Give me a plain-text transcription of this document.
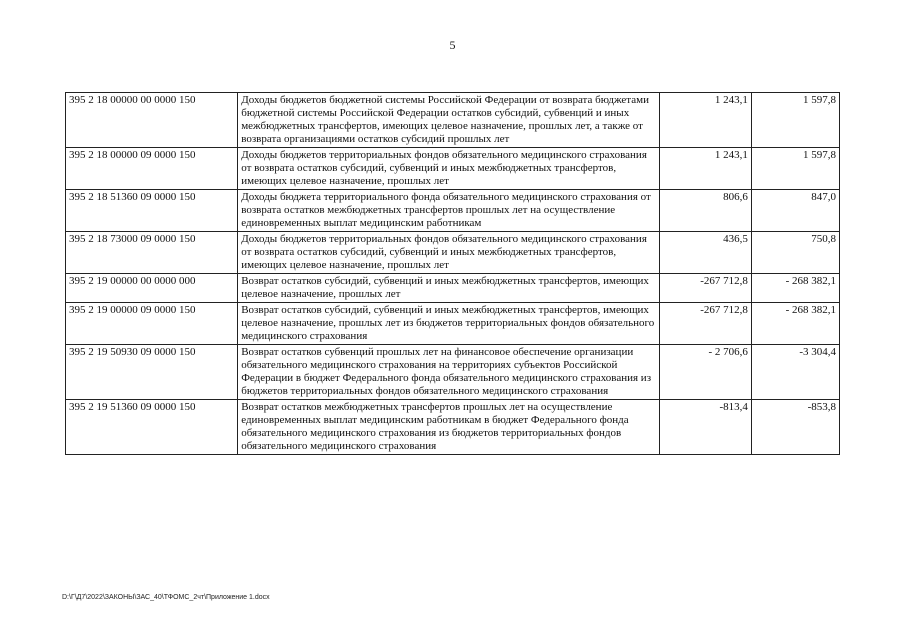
5
395 2 18 00000 00 0000 150	Доходы бюджетов бюджетной системы Российской Федерации от возврата бюджетами бюджетной системы Российской Федерации остатков субсидий, субвенций и иных межбюджетных трансфертов, имеющих целевое назначение, прошлых лет, а также от возврата организациями остатков субсидий прошлых лет	1 243,1	1 597,8
395 2 18 00000 09 0000 150	Доходы бюджетов территориальных фондов обязательного медицинского страхования от возврата остатков субсидий, субвенций и иных межбюджетных трансфертов, имеющих целевое назначение, прошлых лет	1 243,1	1 597,8
395 2 18 51360 09 0000 150	Доходы бюджета территориального фонда обязательного медицинского страхования от возврата остатков межбюджетных трансфертов прошлых лет на осуществление единовременных выплат медицинским работникам	806,6	847,0
395 2 18 73000 09 0000 150	Доходы бюджетов территориальных фондов обязательного медицинского страхования от возврата остатков субсидий, субвенций и иных межбюджетных трансфертов, имеющих целевое назначение, прошлых лет	436,5	750,8
395 2 19 00000 00 0000 000	Возврат остатков субсидий, субвенций и иных межбюджетных трансфертов, имеющих целевое назначение, прошлых лет	-267 712,8	- 268 382,1
395 2 19 00000 09 0000 150	Возврат остатков субсидий, субвенций и иных межбюджетных трансфертов, имеющих целевое назначение, прошлых лет из бюджетов территориальных фондов обязательного медицинского страхования	-267 712,8	- 268 382,1
395 2 19 50930 09 0000 150	Возврат остатков субвенций прошлых лет на финансовое обеспечение организации обязательного медицинского страхования на территориях субъектов Российской Федерации в бюджет Федерального фонда обязательного медицинского страхования из бюджетов территориальных фондов обязательного медицинского страхования	- 2 706,6	-3 304,4
395 2 19 51360 09 0000 150	Возврат остатков межбюджетных трансфертов прошлых лет на осуществление единовременных выплат медицинским работникам в бюджет Федерального фонда обязательного медицинского страхования из бюджетов территориальных фондов обязательного медицинского страхования	-813,4	-853,8
D:\Г\Д7\2022\ЗАКОНЫ\ЗАС_40\ТФОМС_2чт\Приложение 1.docx
